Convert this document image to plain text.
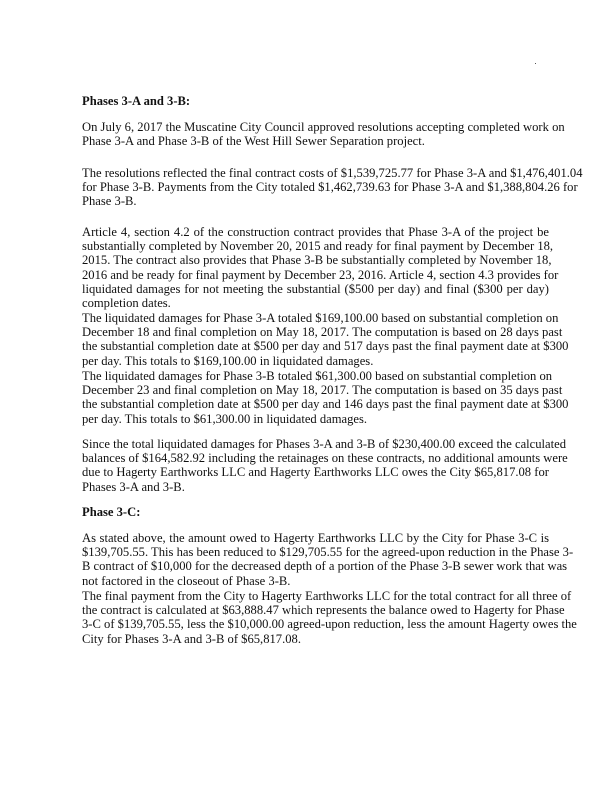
Phases 3-A and 3-B:
On July 6, 2017 the Muscatine City Council approved resolutions accepting completed work on
Phase 3-A and Phase 3-B of the West Hill Sewer Separation project.
The resolutions reflected the final contract costs of $1,539,725.77 for Phase 3-A and $1,476,401.04
for Phase 3-B. Payments from the City totaled $1,462,739.63 for Phase 3-A and $1,388,804.26 for
Phase 3-B.
Article 4, section 4.2 of the construction contract provides that Phase 3-A of the project be
substantially completed by November 20, 2015 and ready for final payment by December 18,
2015. The contract also provides that Phase 3-B be substantially completed by November 18,
2016 and be ready for final payment by December 23, 2016. Article 4, section 4.3 provides for
liquidated damages for not meeting the substantial ($500 per day) and final ($300 per day)
completion dates.
The liquidated damages for Phase 3-A totaled $169,100.00 based on substantial completion on
December 18 and final completion on May 18, 2017. The computation is based on 28 days past
the substantial completion date at $500 per day and 517 days past the final payment date at $300
per day. This totals to $169,100.00 in liquidated damages.
The liquidated damages for Phase 3-B totaled $61,300.00 based on substantial completion on
December 23 and final completion on May 18, 2017. The computation is based on 35 days past
the substantial completion date at $500 per day and 146 days past the final payment date at $300
per day. This totals to $61,300.00 in liquidated damages.
Since the total liquidated damages for Phases 3-A and 3-B of $230,400.00 exceed the calculated
balances of $164,582.92 including the retainages on these contracts, no additional amounts were
due to Hagerty Earthworks LLC and Hagerty Earthworks LLC owes the City $65,817.08 for
Phases 3-A and 3-B.
Phase 3-C:
As stated above, the amount owed to Hagerty Earthworks LLC by the City for Phase 3-C is
$139,705.55. This has been reduced to $129,705.55 for the agreed-upon reduction in the Phase 3-
B contract of $10,000 for the decreased depth of a portion of the Phase 3-B sewer work that was
not factored in the closeout of Phase 3-B.
The final payment from the City to Hagerty Earthworks LLC for the total contract for all three of
the contract is calculated at $63,888.47 which represents the balance owed to Hagerty for Phase
3-C of $139,705.55, less the $10,000.00 agreed-upon reduction, less the amount Hagerty owes the
City for Phases 3-A and 3-B of $65,817.08.
